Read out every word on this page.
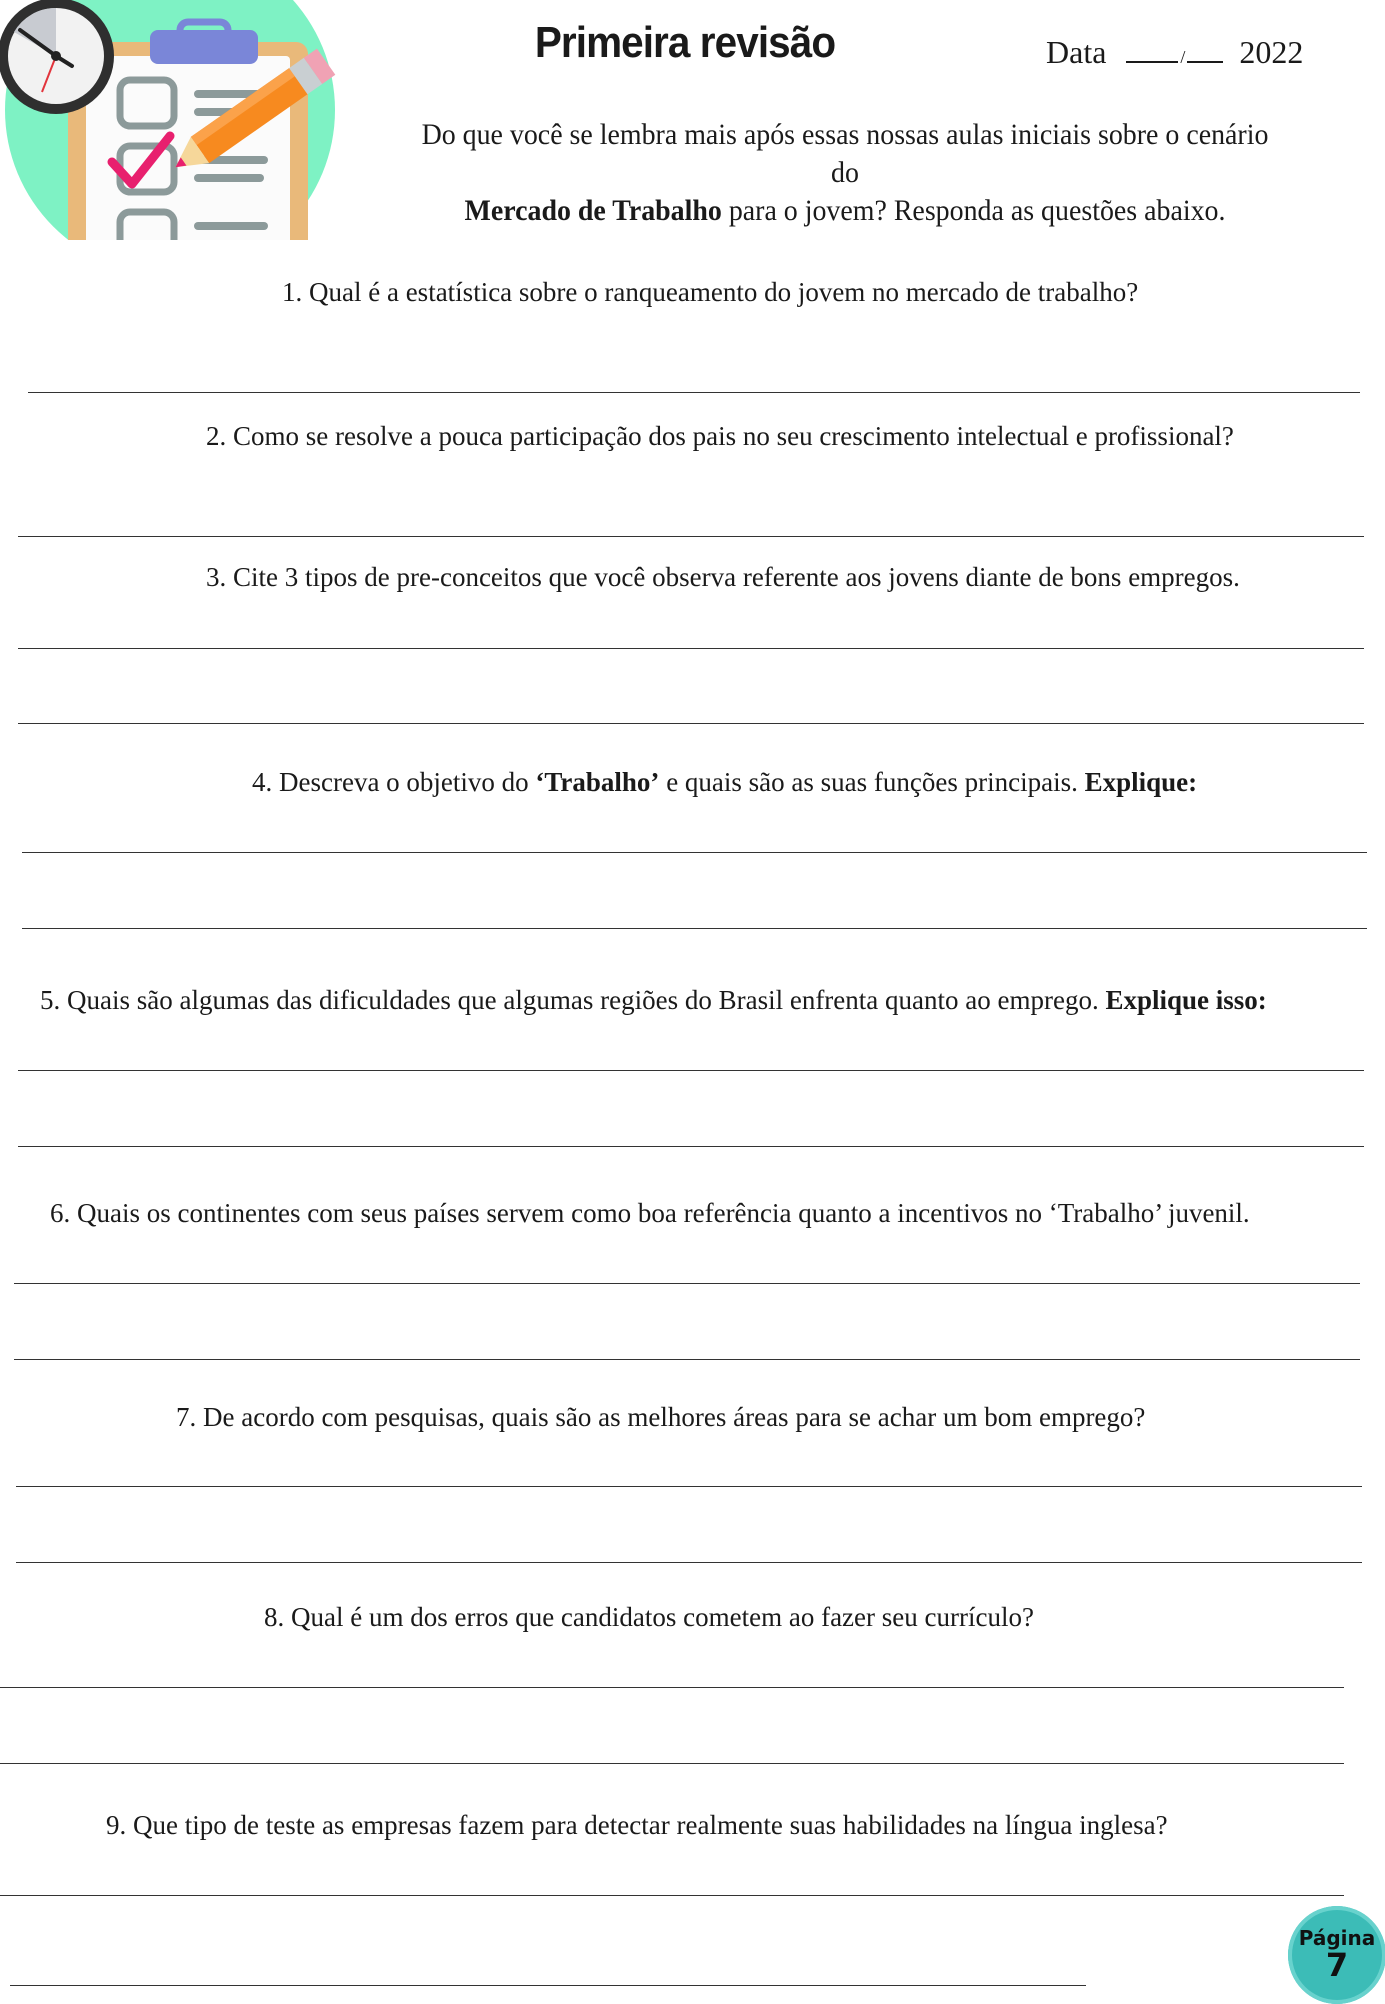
Primeira revisão	Data	/ 2022
Do que você se lembra mais após essas nossas aulas iniciais sobre o cenário do
Mercado de Trabalho para o jovem? Responda as questões abaixo.
1. Qual é a estatística sobre o ranqueamento do jovem no mercado de trabalho?
2. Como se resolve a pouca participação dos pais no seu crescimento intelectual e profissional?
3. Cite 3 tipos de pre-conceitos que você observa referente aos jovens diante de bons empregos.
4. Descreva o objetivo do ‘Trabalho’ e quais são as suas funções principais. Explique:
5. Quais são algumas das dificuldades que algumas regiões do Brasil enfrenta quanto ao emprego. Explique isso:
6. Quais os continentes com seus países servem como boa referência quanto a incentivos no ‘Trabalho’ juvenil.
7. De acordo com pesquisas, quais são as melhores áreas para se achar um bom emprego?
8. Qual é um dos erros que candidatos cometem ao fazer seu currículo?
9. Que tipo de teste as empresas fazem para detectar realmente suas habilidades na língua inglesa?
Página
7
